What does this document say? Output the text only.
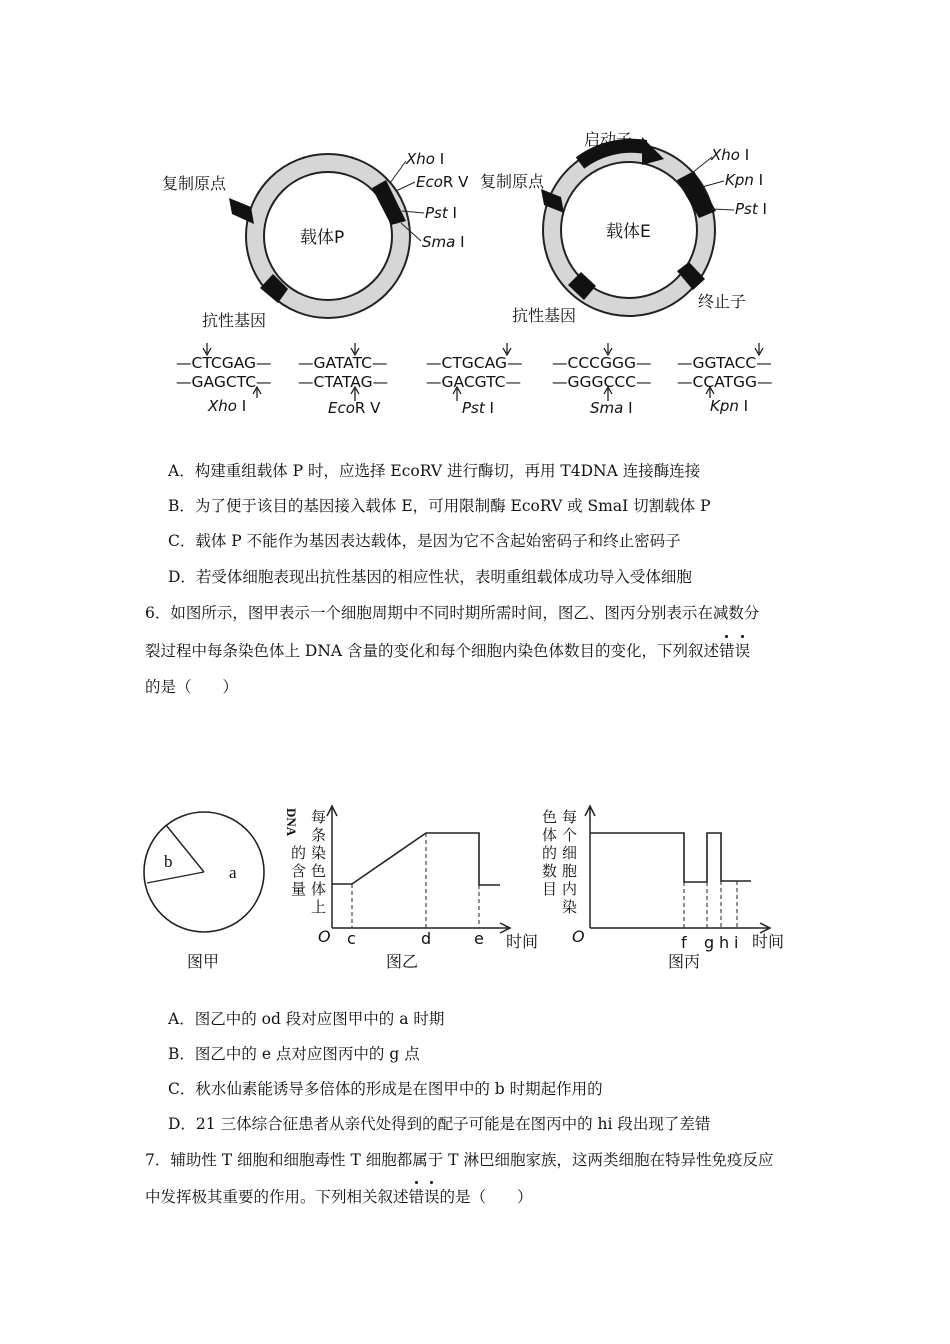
载体P
复制原点
抗性基因
Xho I
EcoR V
Pst I
Sma I	载体E
启动子
复制原点
抗性基因
终止子
Xho I
Kpn I
Pst I
—CTCGAG—
—GAGCTC—
Xho I
—GATATC—
—CTATAG—
EcoR V
—CTGCAG—
—GACGTC—
Pst I
—CCCGGG—
—GGGCCC—
Sma I
—GGTACC—
—CCATGG—
Kpn I
A．构建重组载体 P 时，应选择 EcoRV 进行酶切，再用 T4DNA 连接酶连接
B．为了便于该目的基因接入载体 E，可用限制酶 EcoRV 或 SmaI 切割载体 P
C．载体 P 不能作为基因表达载体，是因为它不含起始密码子和终止密码子
D．若受体细胞表现出抗性基因的相应性状，表明重组载体成功导入受体细胞
6．如图所示，图甲表示一个细胞周期中不同时期所需时间，图乙、图丙分别表示在减数分
裂过程中每条染色体上 DNA 含量的变化和每个细胞内染色体数目的变化，下列叙述错误
的是（　　）
b
a
图甲
O c	d	e 时间
每
条
染
色
体
上
DNA
的
含
量
图乙
O	f g h i 时间
每
个
细
胞
内
染
色
体
的
数
目
图丙
A．图乙中的 od 段对应图甲中的 a 时期
B．图乙中的 e 点对应图丙中的 g 点
C．秋水仙素能诱导多倍体的形成是在图甲中的 b 时期起作用的
D．21 三体综合征患者从亲代处得到的配子可能是在图丙中的 hi 段出现了差错
7．辅助性 T 细胞和细胞毒性 T 细胞都属于 T 淋巴细胞家族，这两类细胞在特异性免疫反应
中发挥极其重要的作用。下列相关叙述错误的是（　　）
